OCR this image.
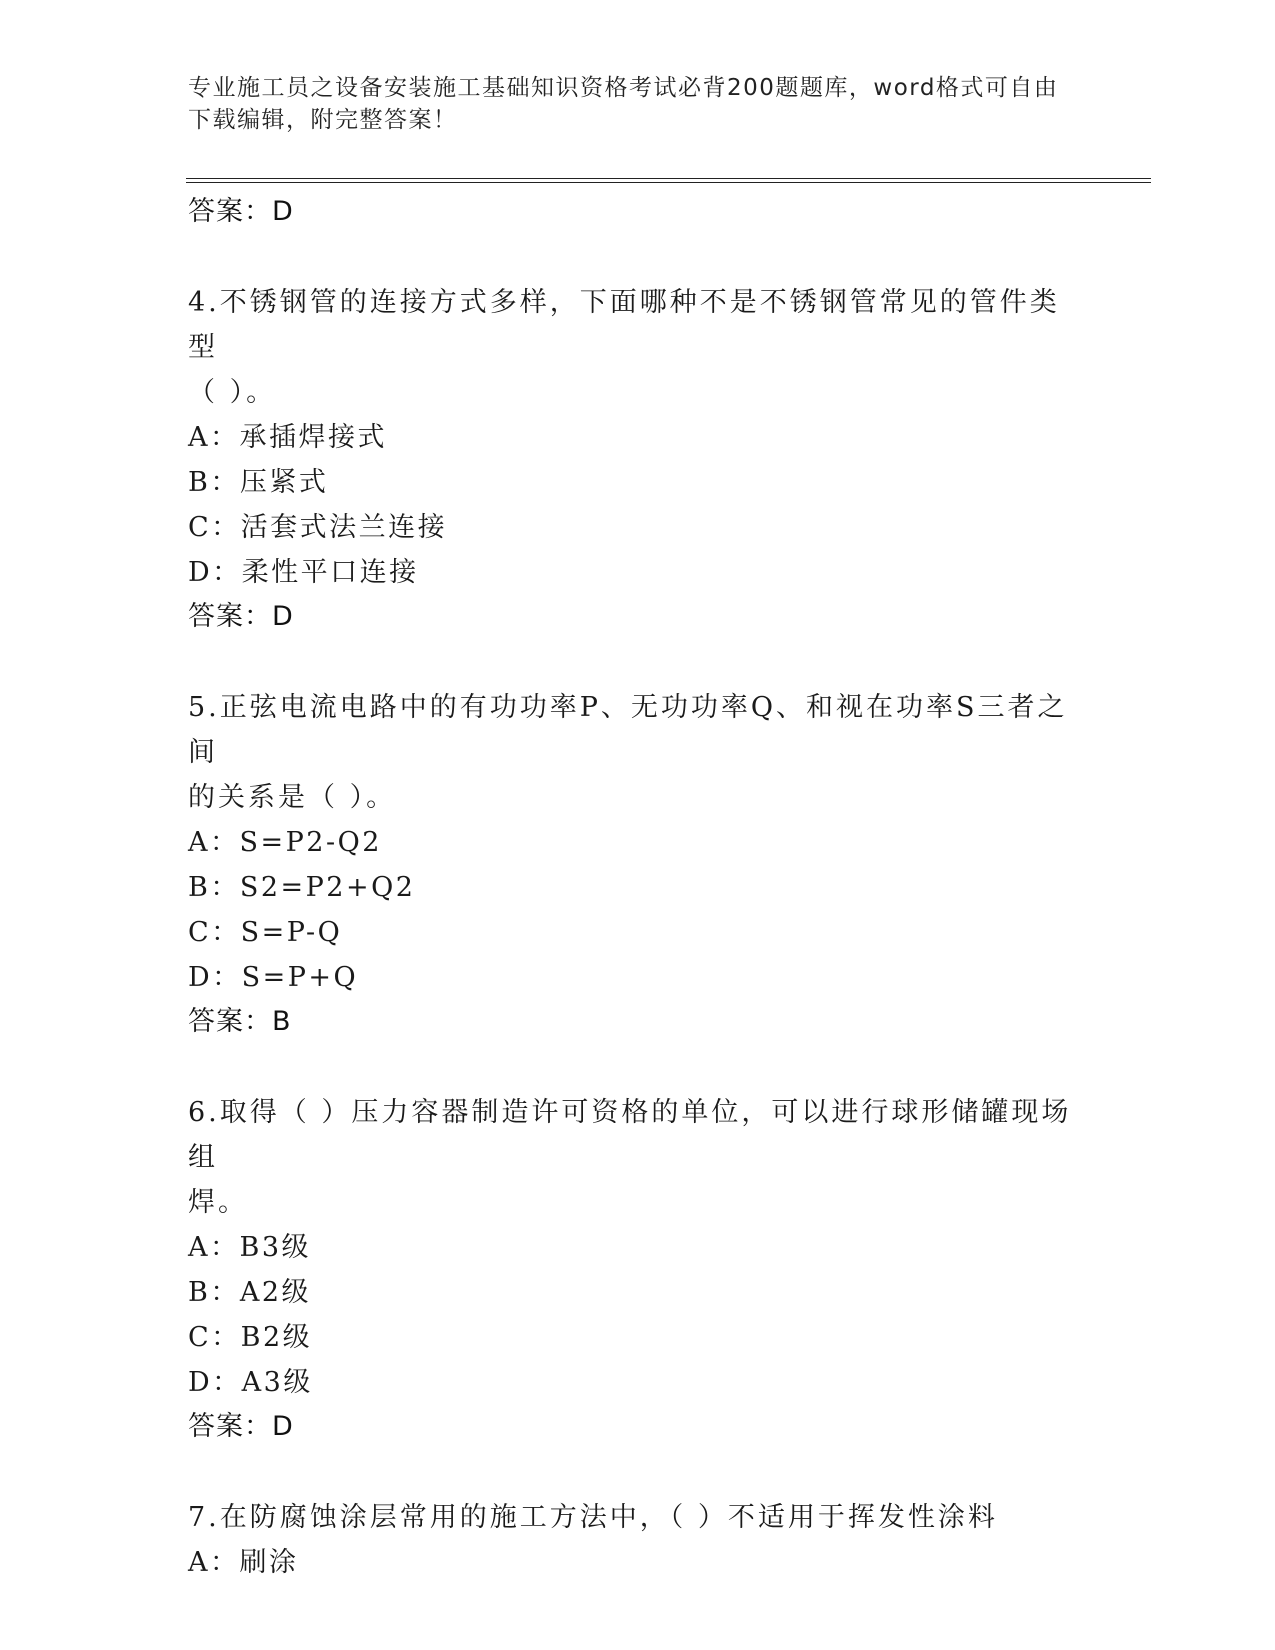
专业施工员之设备安装施工基础知识资格考试必背200题题库，word格式可自由
下载编辑，附完整答案！
答案：D
4.不锈钢管的连接方式多样，下面哪种不是不锈钢管常见的管件类型
（ ）。
A：承插焊接式
B：压紧式
C：活套式法兰连接
D：柔性平口连接
答案：D
5.正弦电流电路中的有功功率P、无功功率Q、和视在功率S三者之间
的关系是（ ）。
A：S=P2-Q2
B：S2=P2+Q2
C：S=P-Q
D：S=P+Q
答案：B
6.取得（ ）压力容器制造许可资格的单位，可以进行球形储罐现场组
焊。
A：B3级
B：A2级
C：B2级
D：A3级
答案：D
7.在防腐蚀涂层常用的施工方法中，（ ）不适用于挥发性涂料
A：刷涂
